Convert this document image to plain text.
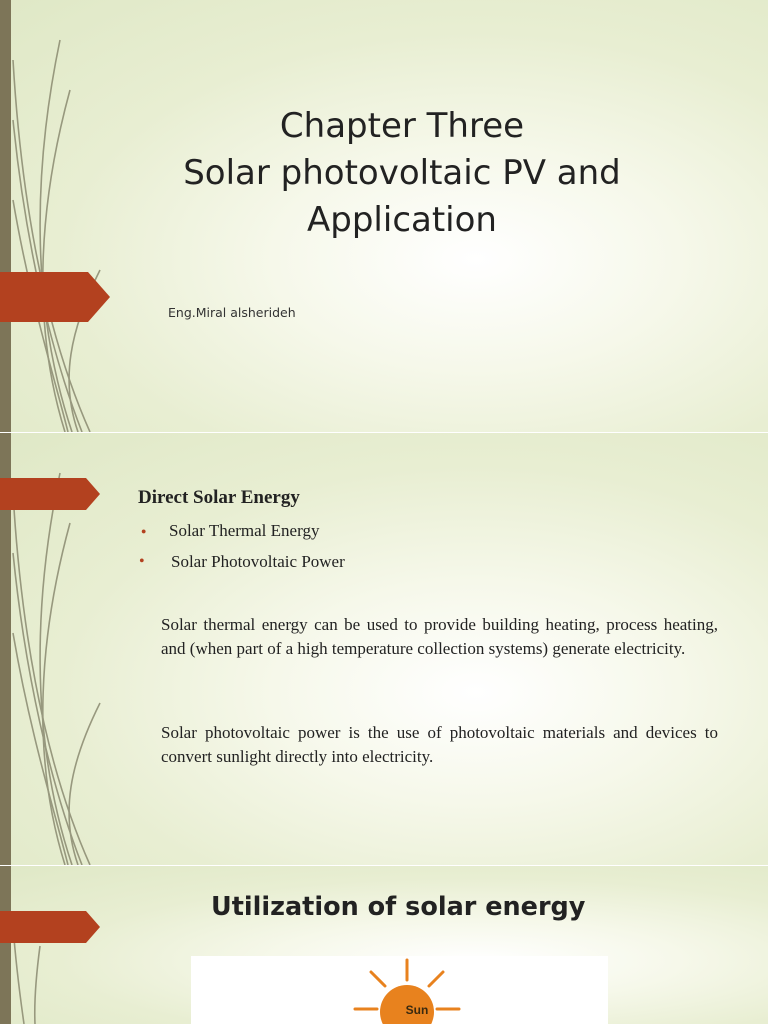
Chapter Three
Solar photovoltaic PV and
Application
Eng.Miral alsherideh
Direct Solar Energy
● Solar Thermal Energy
• Solar Photovoltaic Power

Solar thermal energy can be used to provide building heating, process heating, and (when part of a high temperature collection systems) generate electricity.

Solar photovoltaic power is the use of photovoltaic materials and devices to convert sunlight directly into electricity.

Utilization of solar energy
Sun
